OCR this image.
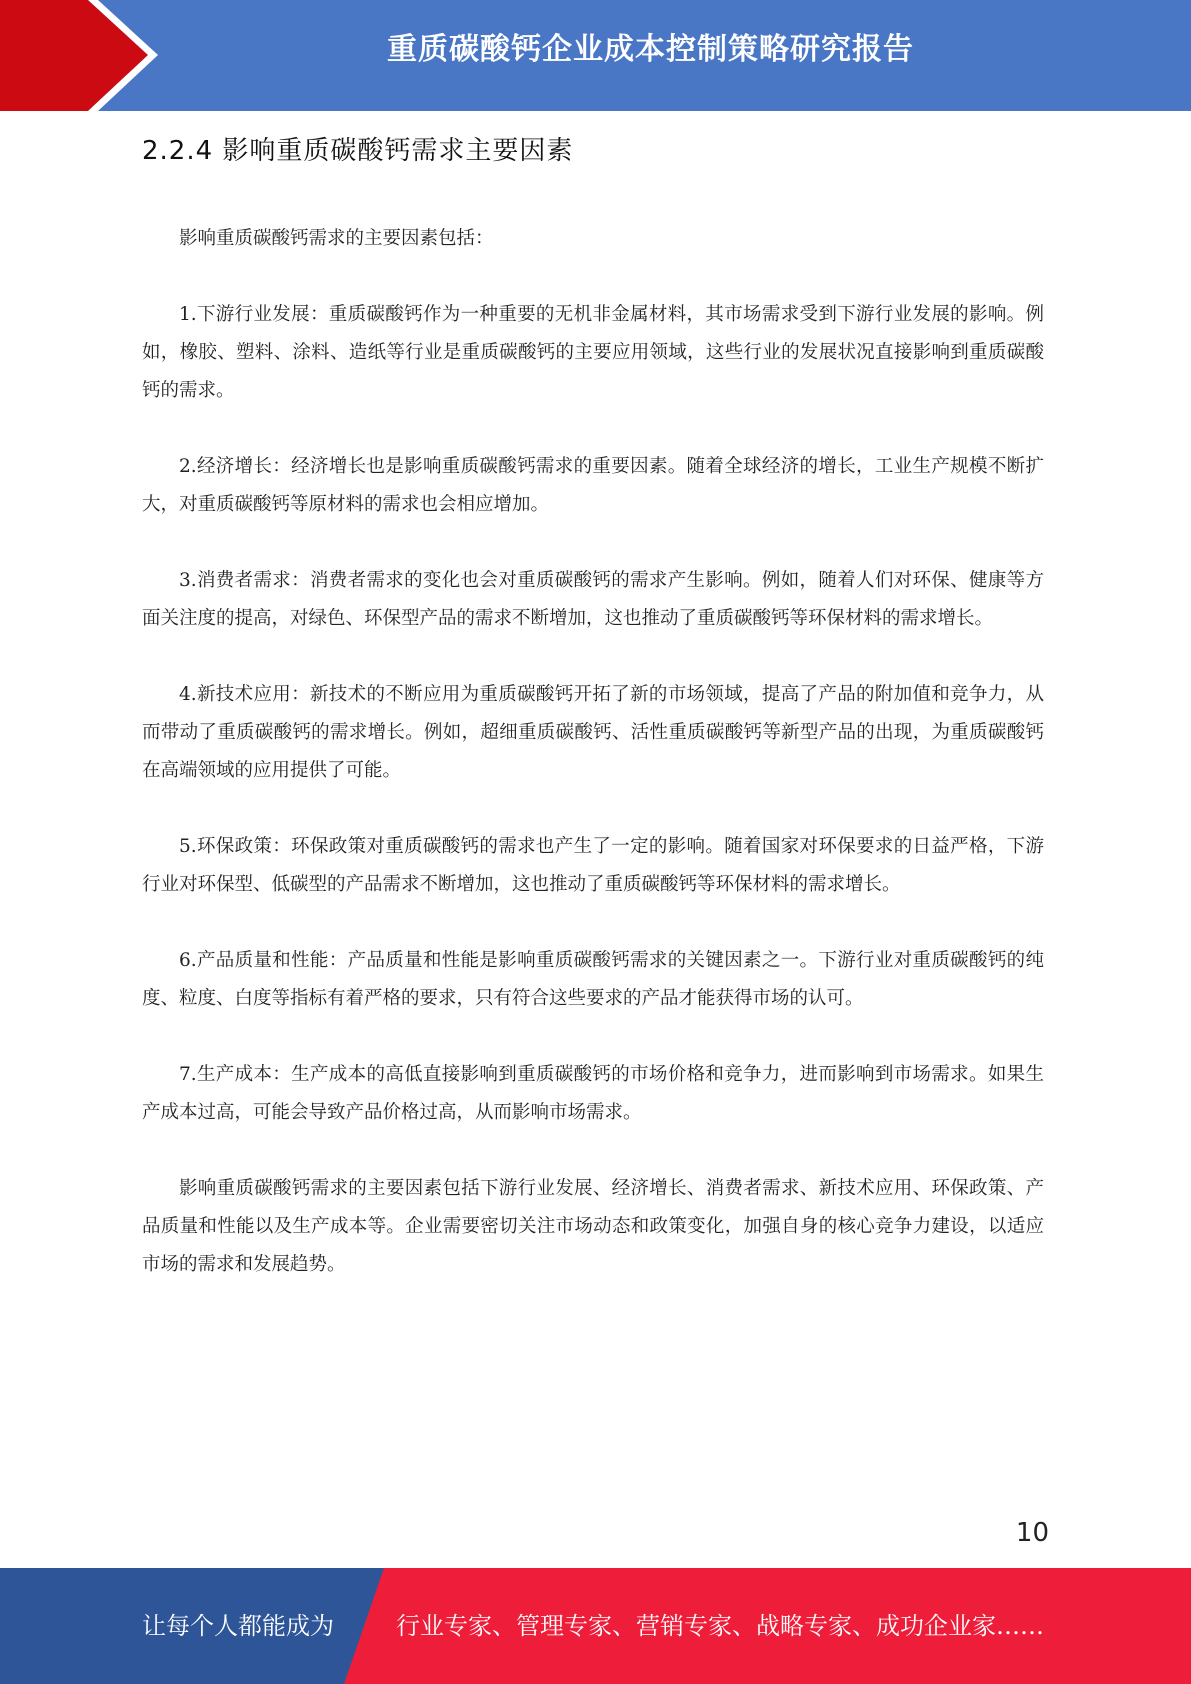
重质碳酸钙企业成本控制策略研究报告
2.2.4 影响重质碳酸钙需求主要因素

影响重质碳酸钙需求的主要因素包括：

1.下游行业发展：重质碳酸钙作为一种重要的无机非金属材料，其市场需求受到下游行业发展的影响。例如，橡胶、塑料、涂料、造纸等行业是重质碳酸钙的主要应用领域，这些行业的发展状况直接影响到重质碳酸钙的需求。

2.经济增长：经济增长也是影响重质碳酸钙需求的重要因素。随着全球经济的增长，工业生产规模不断扩大，对重质碳酸钙等原材料的需求也会相应增加。

3.消费者需求：消费者需求的变化也会对重质碳酸钙的需求产生影响。例如，随着人们对环保、健康等方面关注度的提高，对绿色、环保型产品的需求不断增加，这也推动了重质碳酸钙等环保材料的需求增长。

4.新技术应用：新技术的不断应用为重质碳酸钙开拓了新的市场领域，提高了产品的附加值和竞争力，从而带动了重质碳酸钙的需求增长。例如，超细重质碳酸钙、活性重质碳酸钙等新型产品的出现，为重质碳酸钙在高端领域的应用提供了可能。

5.环保政策：环保政策对重质碳酸钙的需求也产生了一定的影响。随着国家对环保要求的日益严格，下游行业对环保型、低碳型的产品需求不断增加，这也推动了重质碳酸钙等环保材料的需求增长。

6.产品质量和性能：产品质量和性能是影响重质碳酸钙需求的关键因素之一。下游行业对重质碳酸钙的纯度、粒度、白度等指标有着严格的要求，只有符合这些要求的产品才能获得市场的认可。

7.生产成本：生产成本的高低直接影响到重质碳酸钙的市场价格和竞争力，进而影响到市场需求。如果生产成本过高，可能会导致产品价格过高，从而影响市场需求。

影响重质碳酸钙需求的主要因素包括下游行业发展、经济增长、消费者需求、新技术应用、环保政策、产品质量和性能以及生产成本等。企业需要密切关注市场动态和政策变化，加强自身的核心竞争力建设，以适应市场的需求和发展趋势。

10
让每个人都能成为	行业专家、管理专家、营销专家、战略专家、成功企业家……
